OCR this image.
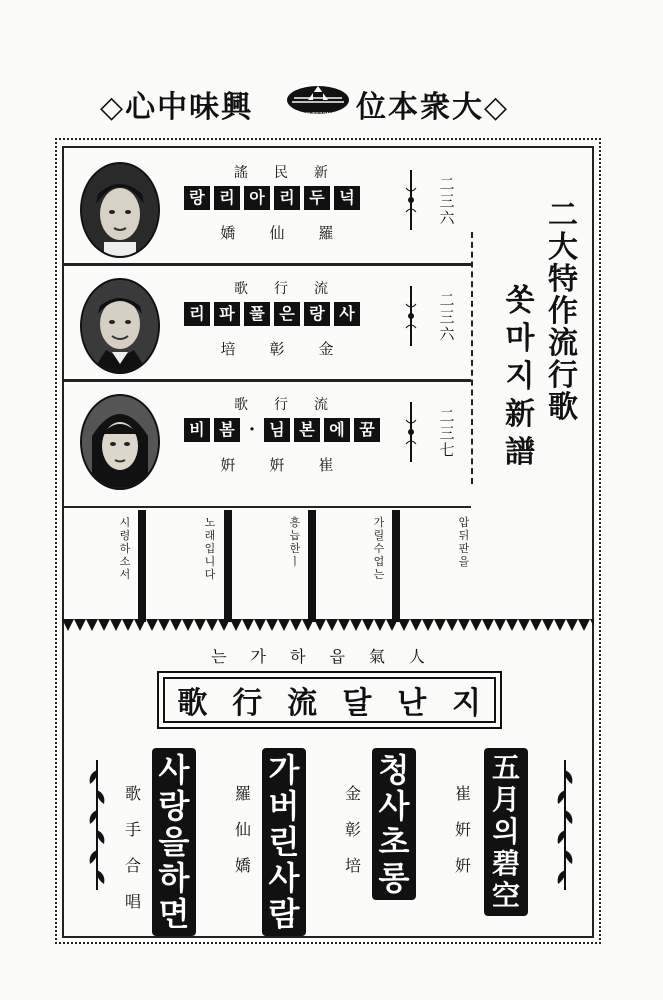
◇心中味興	CHEERON 位本衆大◇
謠民新
랑 리 아 리 두 넉
嬌仙羅
二三六
歌行流
리 파 풀 은 랑 사
培彰金
二三六
歌行流
비 봄 · 님 본 에 꿈
姸姸崔
二三七
二大特作流行歌
쏫마지新譜
시령하소서
노래입니다
흥늡한ㅣ
가릴수업는
압뒤판을
는가하읍氣人
歌 行 流 달 난 지
歌手合唱
사랑을하면
羅仙嬌
가버린사람
金彰培
청사초롱
崔姸姸
五月의碧空
